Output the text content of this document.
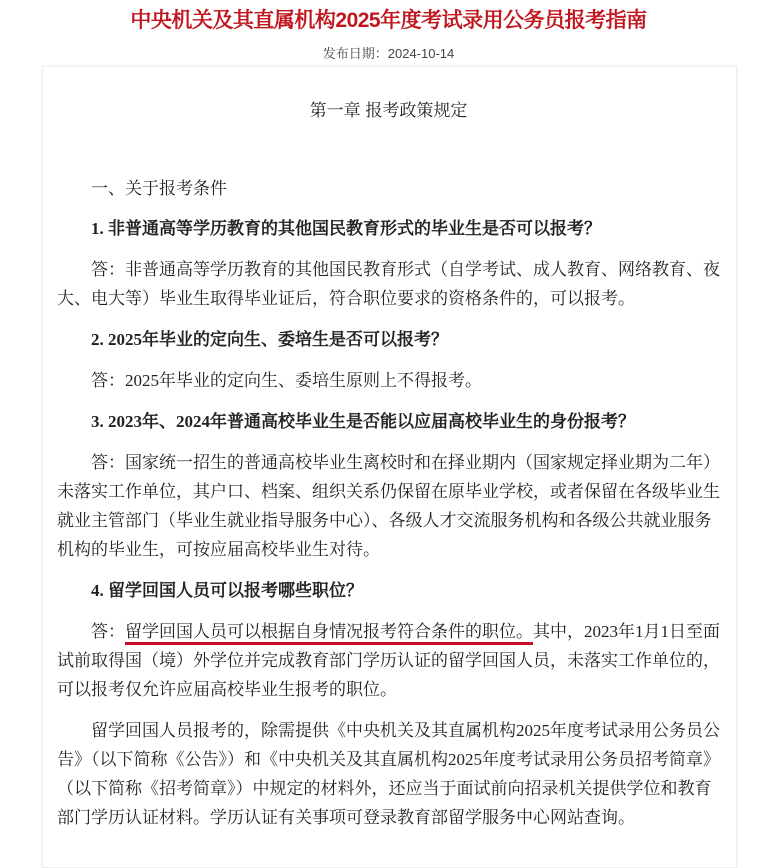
中央机关及其直属机构2025年度考试录用公务员报考指南
发布日期：2024-10-14
第一章 报考政策规定

一、关于报考条件

1. 非普通高等学历教育的其他国民教育形式的毕业生是否可以报考？

答：非普通高等学历教育的其他国民教育形式（自学考试、成人教育、网络教育、夜大、电大等）毕业生取得毕业证后，符合职位要求的资格条件的，可以报考。

2. 2025年毕业的定向生、委培生是否可以报考？

答：2025年毕业的定向生、委培生原则上不得报考。

3. 2023年、2024年普通高校毕业生是否能以应届高校毕业生的身份报考？

答：国家统一招生的普通高校毕业生离校时和在择业期内（国家规定择业期为二年）未落实工作单位，其户口、档案、组织关系仍保留在原毕业学校，或者保留在各级毕业生就业主管部门（毕业生就业指导服务中心）、各级人才交流服务机构和各级公共就业服务机构的毕业生，可按应届高校毕业生对待。

4. 留学回国人员可以报考哪些职位？

答：留学回国人员可以根据自身情况报考符合条件的职位。其中，2023年1月1日至面试前取得国（境）外学位并完成教育部门学历认证的留学回国人员，未落实工作单位的，可以报考仅允许应届高校毕业生报考的职位。

留学回国人员报考的，除需提供《中央机关及其直属机构2025年度考试录用公务员公告》（以下简称《公告》）和《中央机关及其直属机构2025年度考试录用公务员招考简章》（以下简称《招考简章》）中规定的材料外，还应当于面试前向招录机关提供学位和教育部门学历认证材料。学历认证有关事项可登录教育部留学服务中心网站查询。
